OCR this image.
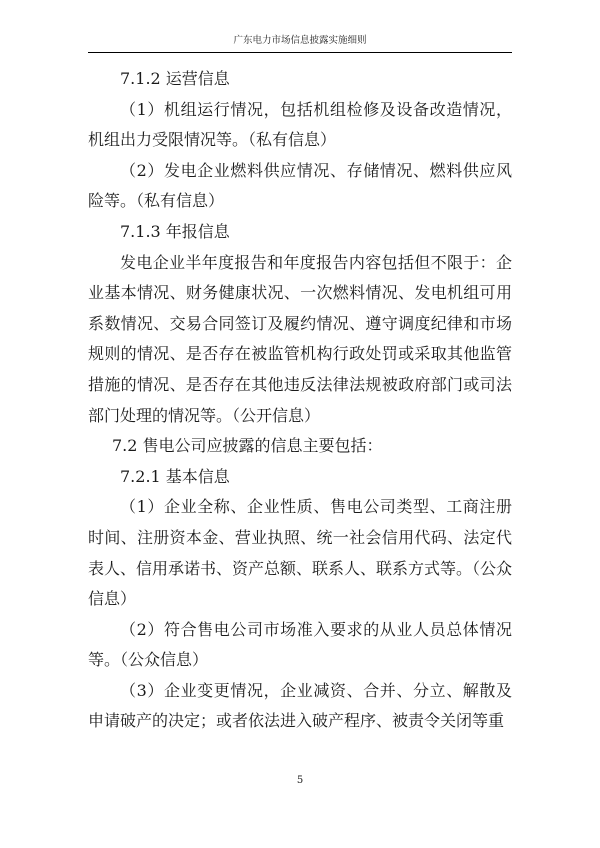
广东电力市场信息披露实施细则

7.1.2 运营信息

（1）机组运行情况，包括机组检修及设备改造情况，机组出力受限情况等。（私有信息）

（2）发电企业燃料供应情况、存储情况、燃料供应风险等。（私有信息）

7.1.3 年报信息

发电企业半年度报告和年度报告内容包括但不限于：企业基本情况、财务健康状况、一次燃料情况、发电机组可用系数情况、交易合同签订及履约情况、遵守调度纪律和市场规则的情况、是否存在被监管机构行政处罚或采取其他监管措施的情况、是否存在其他违反法律法规被政府部门或司法部门处理的情况等。（公开信息）

7.2 售电公司应披露的信息主要包括：

7.2.1 基本信息

（1）企业全称、企业性质、售电公司类型、工商注册时间、注册资本金、营业执照、统一社会信用代码、法定代表人、信用承诺书、资产总额、联系人、联系方式等。（公众信息）

（2）符合售电公司市场准入要求的从业人员总体情况等。（公众信息）

（3）企业变更情况，企业减资、合并、分立、解散及申请破产的决定；或者依法进入破产程序、被责令关闭等重

5
